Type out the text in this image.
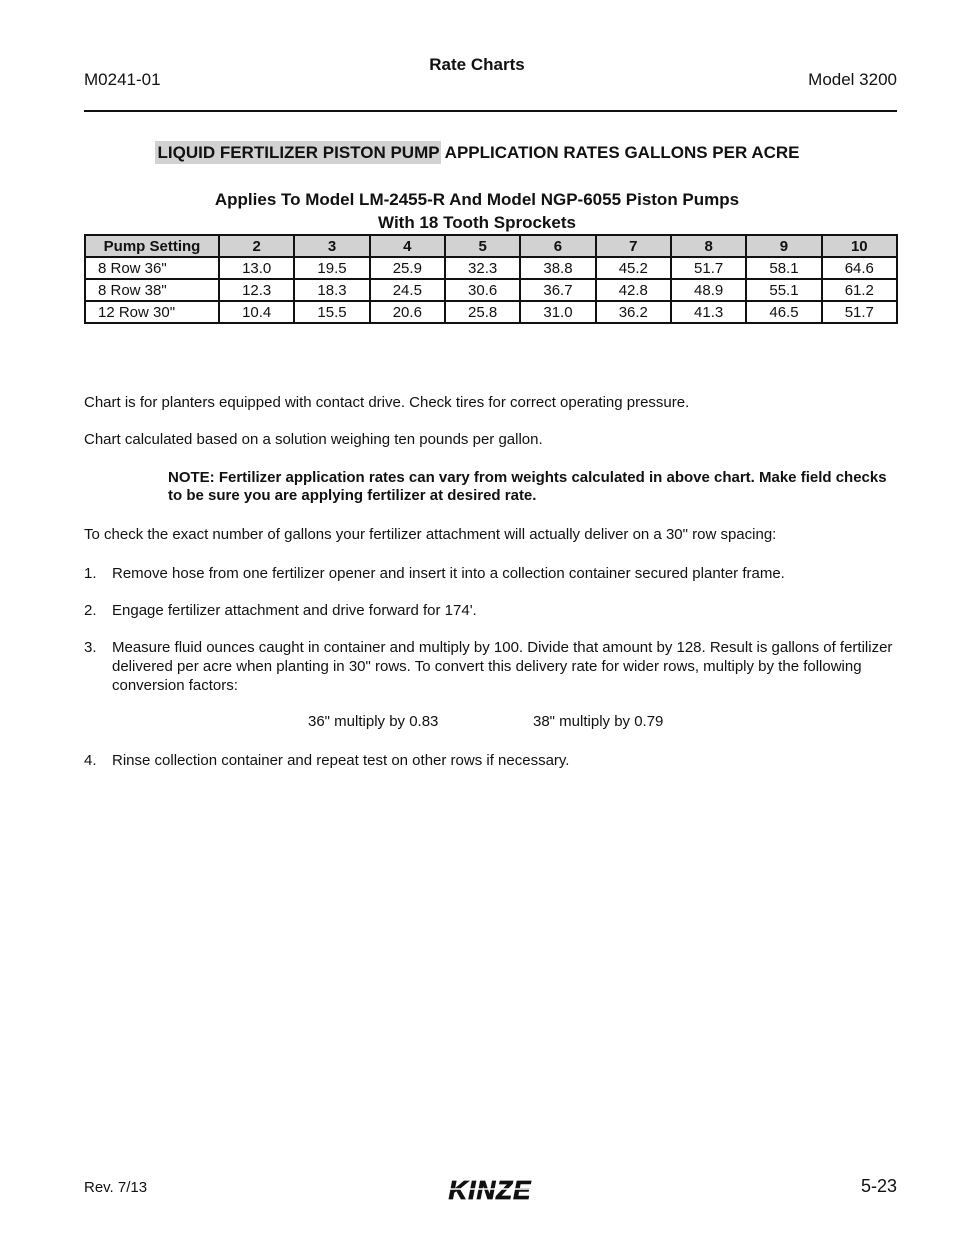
M0241-01
Rate Charts
Model 3200
LIQUID FERTILIZER PISTON PUMP APPLICATION RATES GALLONS PER ACRE
Applies To Model LM-2455-R And Model NGP-6055 Piston Pumps
With 18 Tooth Sprockets
Pump Setting	2	3	4	5	6	7	8	9	10
8 Row 36"	13.0	19.5	25.9	32.3	38.8	45.2	51.7	58.1	64.6
8 Row 38"	12.3	18.3	24.5	30.6	36.7	42.8	48.9	55.1	61.2
12 Row 30"	10.4	15.5	20.6	25.8	31.0	36.2	41.3	46.5	51.7
Chart is for planters equipped with contact drive. Check tires for correct operating pressure.
Chart calculated based on a solution weighing ten pounds per gallon.
NOTE: Fertilizer application rates can vary from weights calculated in above chart. Make field checks to be sure you are applying fertilizer at desired rate.
To check the exact number of gallons your fertilizer attachment will actually deliver on a 30" row spacing:
1. Remove hose from one fertilizer opener and insert it into a collection container secured planter frame.
2. Engage fertilizer attachment and drive forward for 174'.
3. Measure fluid ounces caught in container and multiply by 100. Divide that amount by 128. Result is gallons of fertilizer delivered per acre when planting in 30" rows. To convert this delivery rate for wider rows, multiply by the following conversion factors:
36" multiply by 0.83	38" multiply by 0.79
4. Rinse collection container and repeat test on other rows if necessary.
Rev. 7/13	KINZE	5-23
